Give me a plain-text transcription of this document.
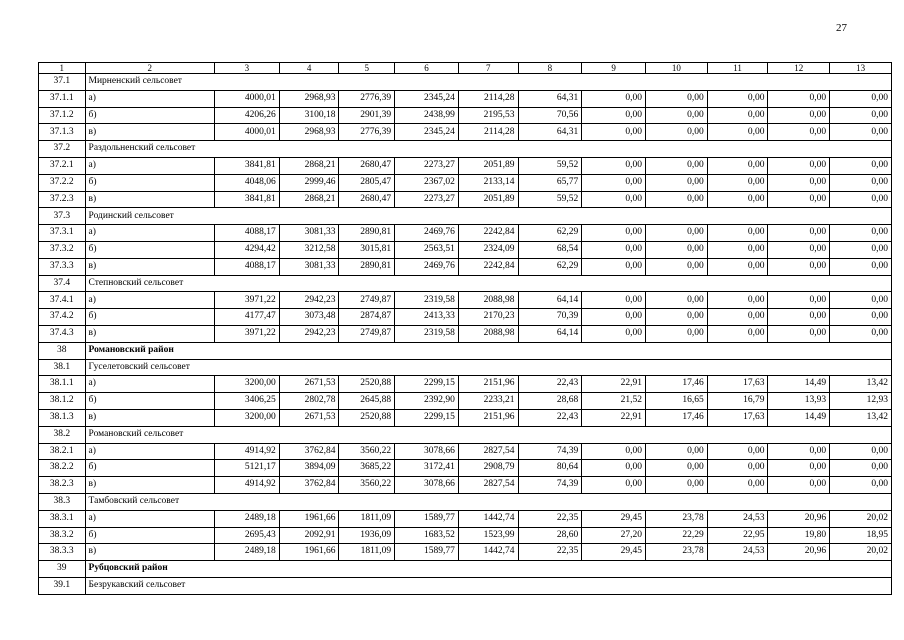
27
1	2	3	4	5	6	7	8	9	10	11	12	13
37.1	Мирненский сельсовет											
37.1.1	а)	4000,01	2968,93	2776,39	2345,24	2114,28	64,31	0,00	0,00	0,00	0,00	0,00
37.1.2	б)	4206,26	3100,18	2901,39	2438,99	2195,53	70,56	0,00	0,00	0,00	0,00	0,00
37.1.3	в)	4000,01	2968,93	2776,39	2345,24	2114,28	64,31	0,00	0,00	0,00	0,00	0,00
37.2	Раздольненский сельсовет											
37.2.1	а)	3841,81	2868,21	2680,47	2273,27	2051,89	59,52	0,00	0,00	0,00	0,00	0,00
37.2.2	б)	4048,06	2999,46	2805,47	2367,02	2133,14	65,77	0,00	0,00	0,00	0,00	0,00
37.2.3	в)	3841,81	2868,21	2680,47	2273,27	2051,89	59,52	0,00	0,00	0,00	0,00	0,00
37.3	Родинский сельсовет											
37.3.1	а)	4088,17	3081,33	2890,81	2469,76	2242,84	62,29	0,00	0,00	0,00	0,00	0,00
37.3.2	б)	4294,42	3212,58	3015,81	2563,51	2324,09	68,54	0,00	0,00	0,00	0,00	0,00
37.3.3	в)	4088,17	3081,33	2890,81	2469,76	2242,84	62,29	0,00	0,00	0,00	0,00	0,00
37.4	Степновский сельсовет											
37.4.1	а)	3971,22	2942,23	2749,87	2319,58	2088,98	64,14	0,00	0,00	0,00	0,00	0,00
37.4.2	б)	4177,47	3073,48	2874,87	2413,33	2170,23	70,39	0,00	0,00	0,00	0,00	0,00
37.4.3	в)	3971,22	2942,23	2749,87	2319,58	2088,98	64,14	0,00	0,00	0,00	0,00	0,00
38	Романовский район											
38.1	Гуселетовский сельсовет											
38.1.1	а)	3200,00	2671,53	2520,88	2299,15	2151,96	22,43	22,91	17,46	17,63	14,49	13,42
38.1.2	б)	3406,25	2802,78	2645,88	2392,90	2233,21	28,68	21,52	16,65	16,79	13,93	12,93
38.1.3	в)	3200,00	2671,53	2520,88	2299,15	2151,96	22,43	22,91	17,46	17,63	14,49	13,42
38.2	Романовский сельсовет											
38.2.1	а)	4914,92	3762,84	3560,22	3078,66	2827,54	74,39	0,00	0,00	0,00	0,00	0,00
38.2.2	б)	5121,17	3894,09	3685,22	3172,41	2908,79	80,64	0,00	0,00	0,00	0,00	0,00
38.2.3	в)	4914,92	3762,84	3560,22	3078,66	2827,54	74,39	0,00	0,00	0,00	0,00	0,00
38.3	Тамбовский сельсовет											
38.3.1	а)	2489,18	1961,66	1811,09	1589,77	1442,74	22,35	29,45	23,78	24,53	20,96	20,02
38.3.2	б)	2695,43	2092,91	1936,09	1683,52	1523,99	28,60	27,20	22,29	22,95	19,80	18,95
38.3.3	в)	2489,18	1961,66	1811,09	1589,77	1442,74	22,35	29,45	23,78	24,53	20,96	20,02
39	Рубцовский район											
39.1	Безрукавский сельсовет											
